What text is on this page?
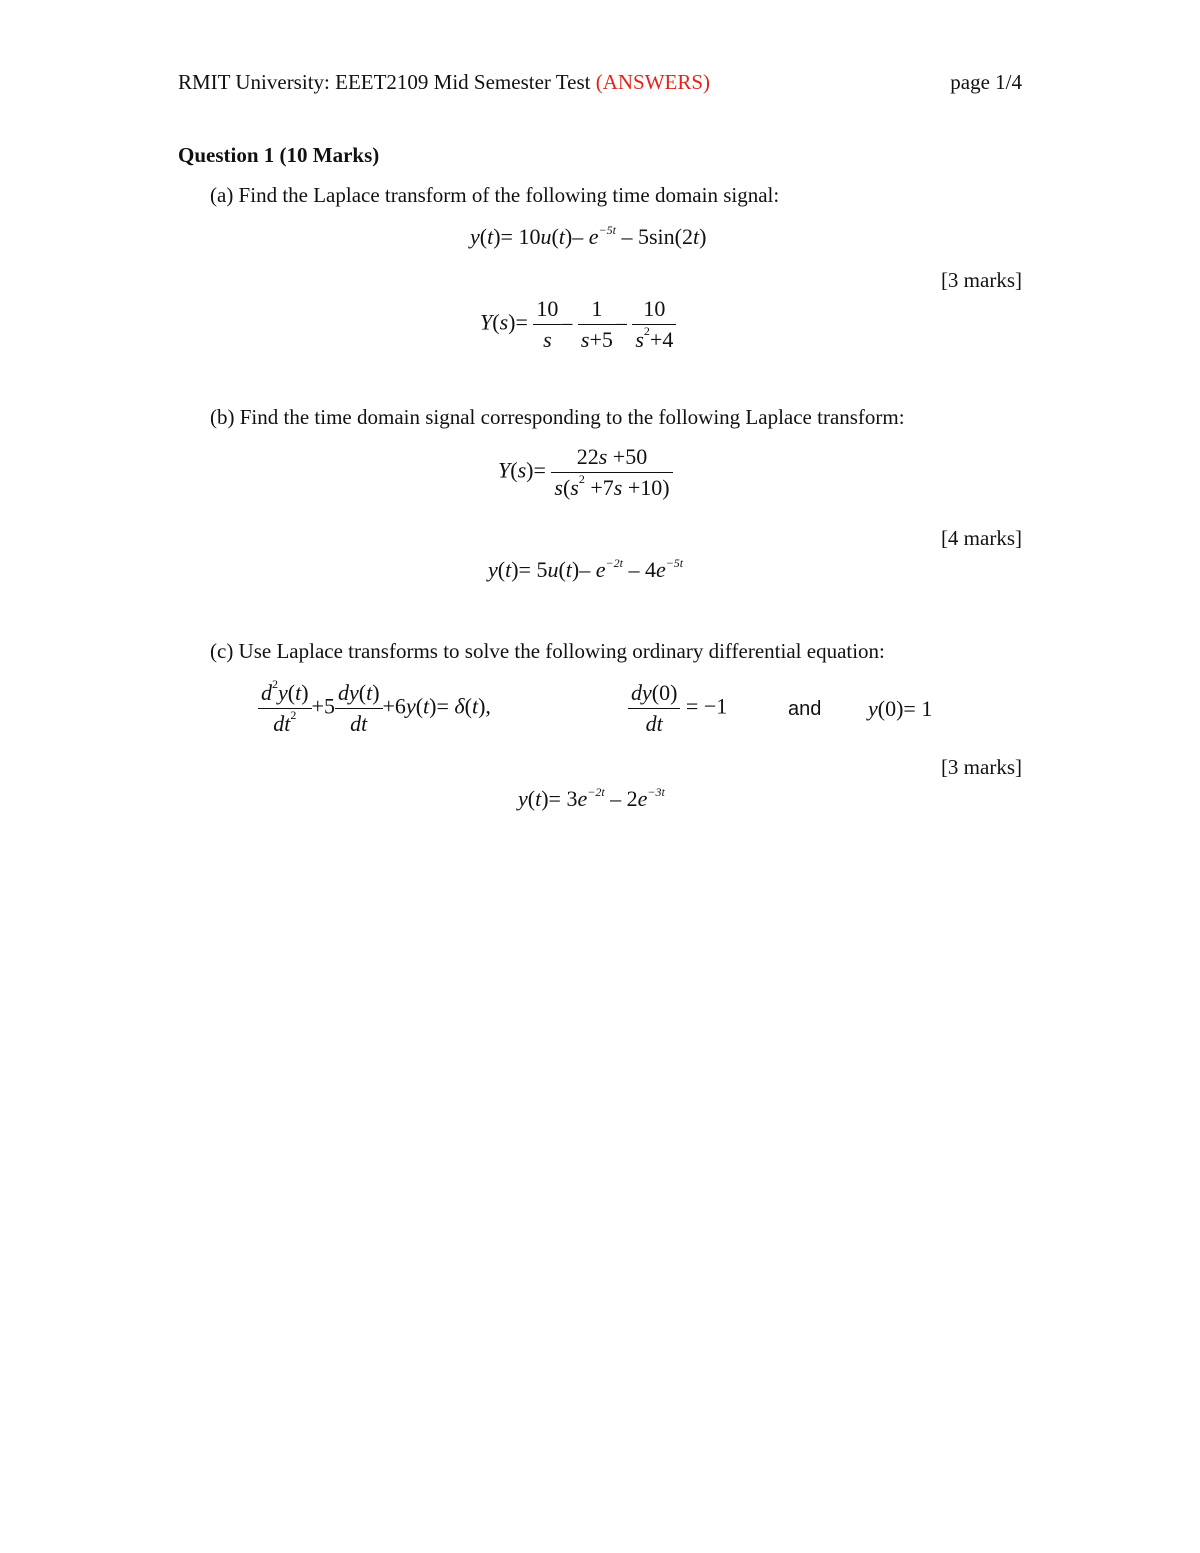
RMIT University: EEET2109 Mid Semester Test (ANSWERS)	page 1/4
Question 1 (10 Marks)
(a) Find the Laplace transform of the following time domain signal:
y(t)= 10u(t)– $e^{-5t} - 5\sin(2t)$
[3 marks]
$Y(s)= \frac{10}{s} - \frac{1}{s+5} - \frac{10}{s^2+4}$
(b) Find the time domain signal corresponding to the following Laplace transform:
$Y(s)= \frac{22s +50}{s(s^2 +7s +10)}$
[4 marks]
y(t)= 5u(t)– $e^{-2t} - 4e^{-5t}$
(c) Use Laplace transforms to solve the following ordinary differential equation:
$\frac{d^2y(t)}{dt^2} +5 \frac{dy(t)}{dt} +6y(t)= \delta(t)$,	$\frac{dy(0)}{dt} = -1$	and y(0)= 1
[3 marks]
$y(t)= 3e^{-2t} - 2e^{-3t}$
